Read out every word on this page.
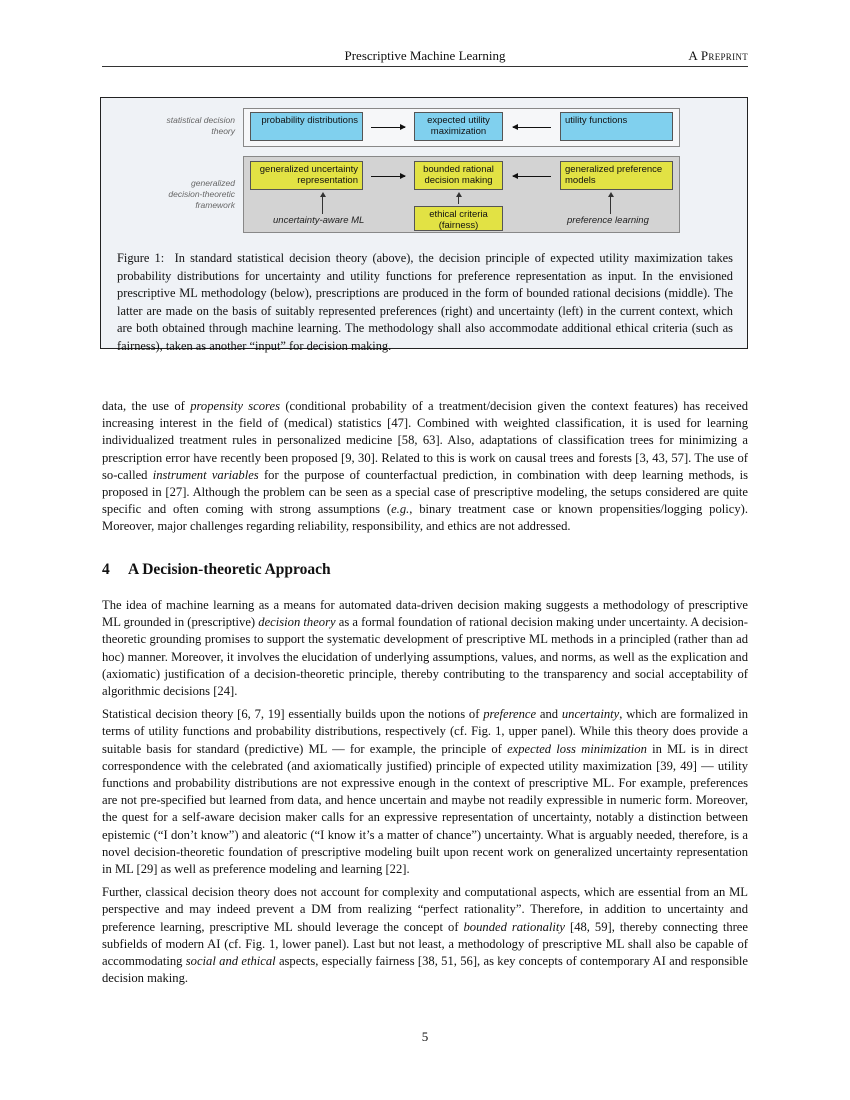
Prescriptive Machine Learning	A Preprint
statistical decision theory
generalized decision-theoretic framework
probability distributions	expected utility maximization
utility functions
generalized uncertainty representation
bounded rational decision making
generalized preference models
ethical criteria (fairness)
uncertainty-aware ML	preference learning
Figure 1: In standard statistical decision theory (above), the decision principle of expected utility maximization takes probability distributions for uncertainty and utility functions for preference representation as input. In the envisioned prescriptive ML methodology (below), prescriptions are produced in the form of bounded rational decisions (middle). The latter are made on the basis of suitably represented preferences (right) and uncertainty (left) in the current context, which are both obtained through machine learning. The methodology shall also accommodate additional ethical criteria (such as fairness), taken as another “input” for decision making.

data, the use of propensity scores (conditional probability of a treatment/decision given the context features) has received increasing interest in the field of (medical) statistics [47]. Combined with weighted classification, it is used for learning individualized treatment rules in personalized medicine [58, 63]. Also, adaptations of classification trees for minimizing a prescription error have recently been proposed [9, 30]. Related to this is work on causal trees and forests [3, 43, 57]. The use of so-called instrument variables for the purpose of counterfactual prediction, in combination with deep learning methods, is proposed in [27]. Although the problem can be seen as a special case of prescriptive modeling, the setups considered are quite specific and often coming with strong assumptions (e.g., binary treatment case or known propensities/logging policy). Moreover, major challenges regarding reliability, responsibility, and ethics are not addressed.

4 A Decision-theoretic Approach

The idea of machine learning as a means for automated data-driven decision making suggests a methodology of prescriptive ML grounded in (prescriptive) decision theory as a formal foundation of rational decision making under uncertainty. A decision-theoretic grounding promises to support the systematic development of prescriptive ML methods in a principled (rather than ad hoc) manner. Moreover, it involves the elucidation of underlying assumptions, values, and norms, as well as the explication and (axiomatic) justification of a decision-theoretic principle, thereby contributing to the transparency and social acceptability of algorithmic decisions [24].

Statistical decision theory [6, 7, 19] essentially builds upon the notions of preference and uncertainty, which are formalized in terms of utility functions and probability distributions, respectively (cf. Fig. 1, upper panel). While this theory does provide a suitable basis for standard (predictive) ML — for example, the principle of expected loss minimization in ML is in direct correspondence with the celebrated (and axiomatically justified) principle of expected utility maximization [39, 49] — utility functions and probability distributions are not expressive enough in the context of prescriptive ML. For example, preferences are not pre-specified but learned from data, and hence uncertain and maybe not readily expressible in numeric form. Moreover, the quest for a self-aware decision maker calls for an expressive representation of uncertainty, notably a distinction between epistemic (“I don’t know”) and aleatoric (“I know it’s a matter of chance”) uncertainty. What is arguably needed, therefore, is a novel decision-theoretic foundation of prescriptive modeling built upon recent work on generalized uncertainty representation in ML [29] as well as preference modeling and learning [22].

Further, classical decision theory does not account for complexity and computational aspects, which are essential from an ML perspective and may indeed prevent a DM from realizing “perfect rationality”. Therefore, in addition to uncertainty and preference learning, prescriptive ML should leverage the concept of bounded rationality [48, 59], thereby connecting three subfields of modern AI (cf. Fig. 1, lower panel). Last but not least, a methodology of prescriptive ML shall also be capable of accommodating social and ethical aspects, especially fairness [38, 51, 56], as key concepts of contemporary AI and responsible decision making.

5
